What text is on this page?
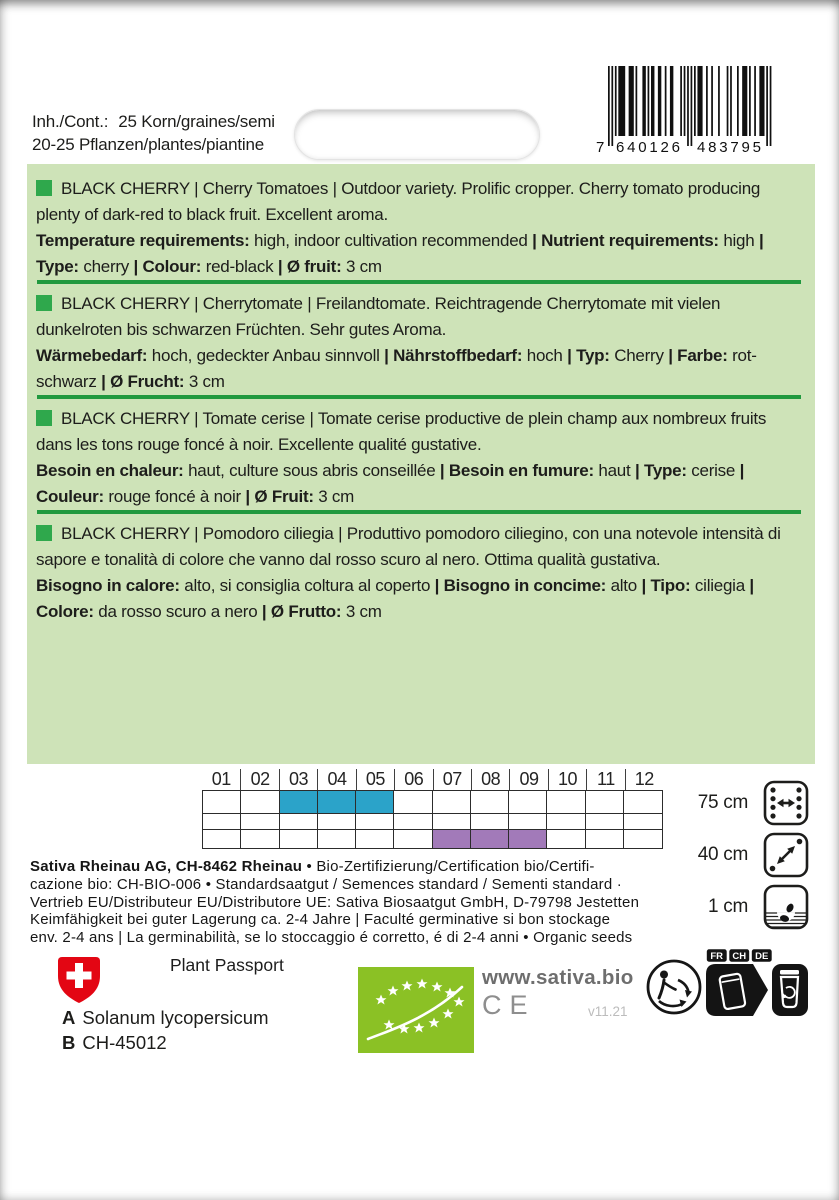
Inh./Cont.: 25 Korn/graines/semi
20-25 Pflanzen/plantes/piantine	7 640126 483795

BLACK CHERRY | Cherry Tomatoes | Outdoor variety. Prolific cropper. Cherry tomato producing plenty of dark-red to black fruit. Excellent aroma.

Temperature requirements: high, indoor cultivation recommended | Nutrient requirements: high | Type: cherry | Colour: red-black | Ø fruit: 3 cm

BLACK CHERRY | Cherrytomate | Freilandtomate. Reichtragende Cherrytomate mit vielen dunkelroten bis schwarzen Früchten. Sehr gutes Aroma.

Wärmebedarf: hoch, gedeckter Anbau sinnvoll | Nährstoffbedarf: hoch | Typ: Cherry | Farbe: rot-schwarz | Ø Frucht: 3 cm

BLACK CHERRY | Tomate cerise | Tomate cerise productive de plein champ aux nombreux fruits dans les tons rouge foncé à noir. Excellente qualité gustative.

Besoin en chaleur: haut, culture sous abris conseillée | Besoin en fumure: haut | Type: cerise | Couleur: rouge foncé à noir | Ø Fruit: 3 cm

BLACK CHERRY | Pomodoro ciliegia | Produttivo pomodoro ciliegino, con una notevole intensità di sapore e tonalità di colore che vanno dal rosso scuro al nero. Ottima qualità gustativa.

Bisogno in calore: alto, si consiglia coltura al coperto | Bisogno in concime: alto | Tipo: ciliegia | Colore: da rosso scuro a nero | Ø Frutto: 3 cm

01	02	03	04	05	06	07	08	09	10	11	12
75 cm
40 cm
1 cm
Sativa Rheinau AG, CH-8462 Rheinau • Bio-Zertifizierung/Certification bio/Certifi-
cazione bio: CH-BIO-006 • Standardsaatgut / Semences standard / Sementi standard ·
Vertrieb EU/Distributeur EU/Distributore UE: Sativa Biosaatgut GmbH, D-79798 Jestetten
Keimfähigkeit bei guter Lagerung ca. 2-4 Jahre | Faculté germinative si bon stockage
env. 2-4 ans | La germinabilità, se lo stoccaggio é corretto, é di 2-4 anni • Organic seeds
Plant Passport
A Solanum lycopersicum
B CH-45012
www.sativa.bio
CE	v11.21
FR CH DE
